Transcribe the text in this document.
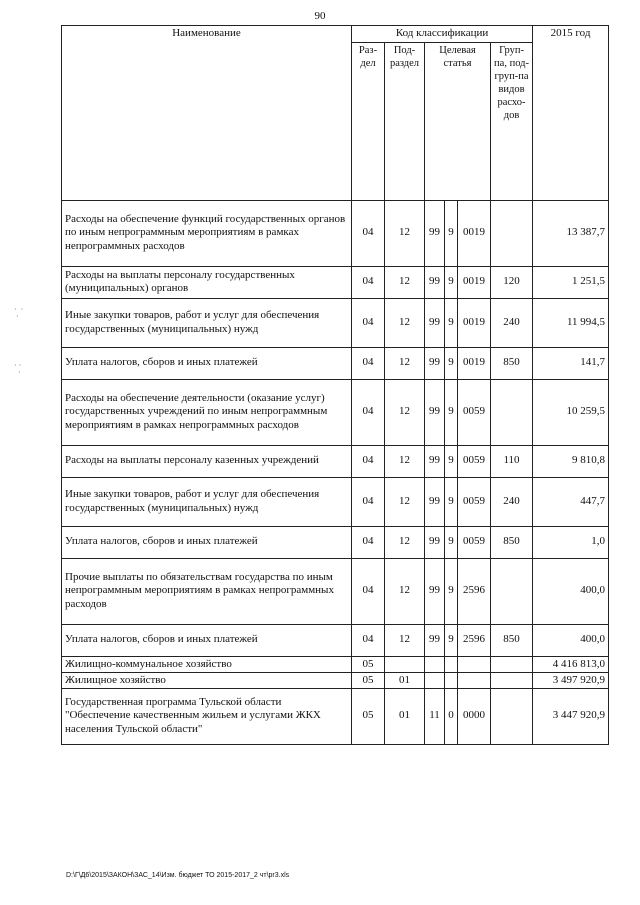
90
·  ·
·

· ·
·
Наименование	Код классификации						2015 год
	Раз-дел	Под-раздел	Целевая статья			Груп-па, под-груп-па видов расхо-дов	
Расходы на обеспечение функций государственных органов по иным непрограммным мероприятиям в рамках непрограммных расходов	04	12	99	9	0019		13 387,7
Расходы на выплаты персоналу государственных (муниципальных) органов	04	12	99	9	0019	120	1 251,5
Иные закупки товаров, работ и услуг для обеспечения государственных (муниципальных) нужд	04	12	99	9	0019	240	11 994,5
Уплата налогов, сборов и иных платежей	04	12	99	9	0019	850	141,7
Расходы на обеспечение деятельности (оказание услуг) государственных учреждений по иным непрограммным мероприятиям в рамках непрограммных расходов	04	12	99	9	0059		10 259,5
Расходы на выплаты персоналу казенных учреждений	04	12	99	9	0059	110	9 810,8
Иные закупки товаров, работ и услуг для обеспечения государственных (муниципальных) нужд	04	12	99	9	0059	240	447,7
Уплата налогов, сборов и иных платежей	04	12	99	9	0059	850	1,0
Прочие выплаты по обязательствам государства по иным непрограммным мероприятиям в рамках непрограммных расходов	04	12	99	9	2596		400,0
Уплата налогов, сборов и иных платежей	04	12	99	9	2596	850	400,0
Жилищно-коммунальное хозяйство	05						4 416 813,0
Жилищное хозяйство	05	01					3 497 920,9
Государственная программа Тульской области "Обеспечение качественным жильем и услугами ЖКХ населения Тульской области"	05	01	11	0	0000		3 447 920,9
D:\Г\Д6\2015\ЗАКОН\ЗАС_14\Изм. бюджет ТО 2015-2017_2 чт\pr3.xls
